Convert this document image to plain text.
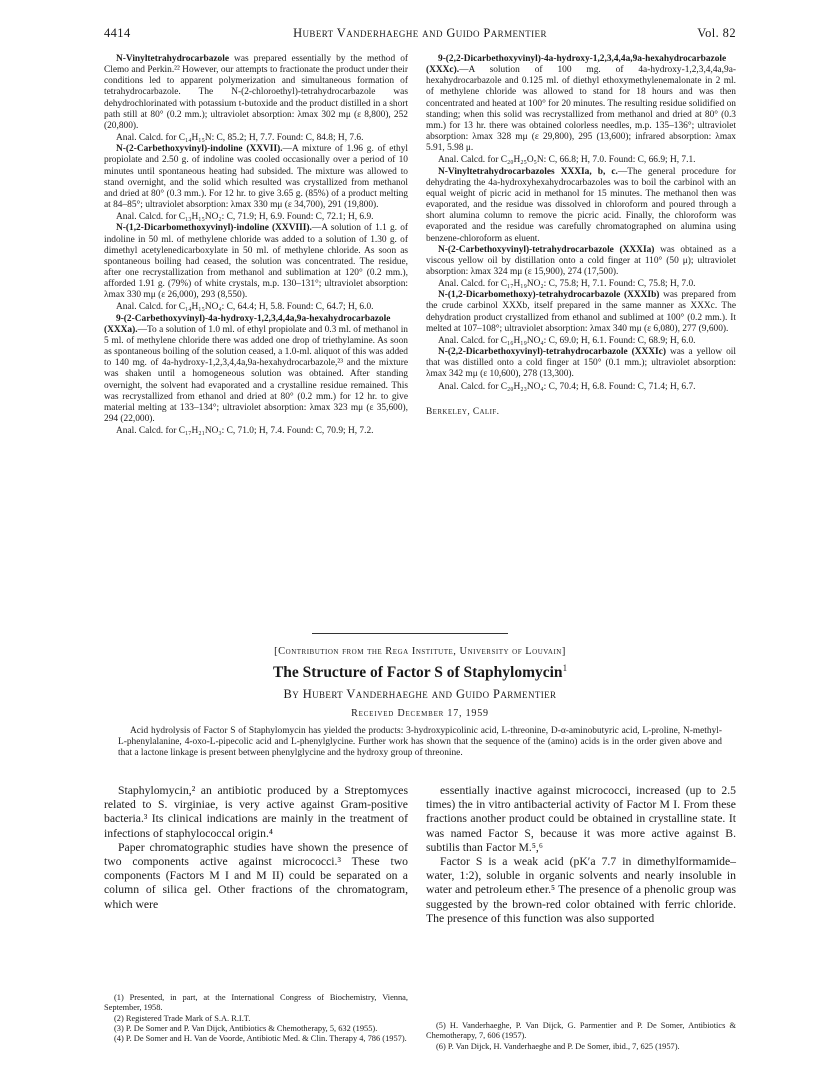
4414	Hubert Vanderhaeghe and Guido Parmentier	Vol. 82

N-Vinyltetrahydrocarbazole was prepared essentially by the method of Clemo and Perkin.²² However, our attempts to fractionate the product under their conditions led to apparent polymerization and simultaneous formation of tetrahydrocarbazole. The N-(2-chloroethyl)-tetrahydrocarbazole was dehydrochlorinated with potassium t-butoxide and the product distilled in a short path still at 80° (0.2 mm.); ultraviolet absorption: λmax 302 mμ (ε 8,800), 252 (20,800).

Anal. Calcd. for C₁₄H₁₅N: C, 85.2; H, 7.7. Found: C, 84.8; H, 7.6.

N-(2-Carbethoxyvinyl)-indoline (XXVII).—A mixture of 1.96 g. of ethyl propiolate and 2.50 g. of indoline was cooled occasionally over a period of 10 minutes until spontaneous heating had subsided. The mixture was allowed to stand overnight, and the solid which resulted was crystallized from methanol and dried at 80° (0.3 mm.). For 12 hr. to give 3.65 g. (85%) of a product melting at 84–85°; ultraviolet absorption: λmax 330 mμ (ε 34,700), 291 (19,800).

Anal. Calcd. for C₁₃H₁₅NO₂: C, 71.9; H, 6.9. Found: C, 72.1; H, 6.9.

N-(1,2-Dicarbomethoxyvinyl)-indoline (XXVIII).—A solution of 1.1 g. of indoline in 50 ml. of methylene chloride was added to a solution of 1.30 g. of dimethyl acetylenedicarboxylate in 50 ml. of methylene chloride. As soon as spontaneous boiling had ceased, the solution was concentrated. The residue, after one recrystallization from methanol and sublimation at 120° (0.2 mm.), afforded 1.91 g. (79%) of white crystals, m.p. 130–131°; ultraviolet absorption: λmax 330 mμ (ε 26,000), 293 (8,550).

Anal. Calcd. for C₁₄H₁₅NO₄: C, 64.4; H, 5.8. Found: C, 64.7; H, 6.0.

9-(2-Carbethoxyvinyl)-4a-hydroxy-1,2,3,4,4a,9a-hexahydrocarbazole (XXXa).—To a solution of 1.0 ml. of ethyl propiolate and 0.3 ml. of methanol in 5 ml. of methylene chloride there was added one drop of triethylamine. As soon as spontaneous boiling of the solution ceased, a 1.0-ml. aliquot of this was added to 140 mg. of 4a-hydroxy-1,2,3,4,4a,9a-hexahydrocarbazole,²³ and the mixture was shaken until a homogeneous solution was obtained. After standing overnight, the solvent had evaporated and a crystalline residue remained. This was recrystallized from ethanol and dried at 80° (0.2 mm.) for 12 hr. to give material melting at 133–134°; ultraviolet absorption: λmax 323 mμ (ε 35,600), 294 (22,000).

Anal. Calcd. for C₁₇H₂₁NO₃: C, 71.0; H, 7.4. Found: C, 70.9; H, 7.2.

9-(2,2-Dicarbethoxyvinyl)-4a-hydroxy-1,2,3,4,4a,9a-hexahydrocarbazole (XXXc).—A solution of 100 mg. of 4a-hydroxy-1,2,3,4,4a,9a-hexahydrocarbazole and 0.125 ml. of diethyl ethoxymethylenemalonate in 2 ml. of methylene chloride was allowed to stand for 18 hours and was then concentrated and heated at 100° for 20 minutes. The resulting residue solidified on standing; when this solid was recrystallized from methanol and dried at 80° (0.3 mm.) for 13 hr. there was obtained colorless needles, m.p. 135–136°; ultraviolet absorption: λmax 328 mμ (ε 29,800), 295 (13,600); infrared absorption: λmax 5.91, 5.98 μ.

Anal. Calcd. for C₂₀H₂₅O₅N: C, 66.8; H, 7.0. Found: C, 66.9; H, 7.1.

N-Vinyltetrahydrocarbazoles XXXIa, b, c.—The general procedure for dehydrating the 4a-hydroxyhexahydrocarbazoles was to boil the carbinol with an equal weight of picric acid in methanol for 15 minutes. The methanol then was evaporated, and the residue was dissolved in chloroform and poured through a short alumina column to remove the picric acid. Finally, the chloroform was evaporated and the residue was carefully chromatographed on alumina using benzene-chloroform as eluent.

N-(2-Carbethoxyvinyl)-tetrahydrocarbazole (XXXIa) was obtained as a viscous yellow oil by distillation onto a cold finger at 110° (50 μ); ultraviolet absorption: λmax 324 mμ (ε 15,900), 274 (17,500).

Anal. Calcd. for C₁₇H₁₉NO₂: C, 75.8; H, 7.1. Found: C, 75.8; H, 7.0.

N-(1,2-Dicarbomethoxy)-tetrahydrocarbazole (XXXIb) was prepared from the crude carbinol XXXb, itself prepared in the same manner as XXXc. The dehydration product crystallized from ethanol and sublimed at 100° (0.2 mm.). It melted at 107–108°; ultraviolet absorption: λmax 340 mμ (ε 6,080), 277 (9,600).

Anal. Calcd. for C₁₆H₁₉NO₄: C, 69.0; H, 6.1. Found: C, 68.9; H, 6.0.

N-(2,2-Dicarbethoxyvinyl)-tetrahydrocarbazole (XXXIc) was a yellow oil that was distilled onto a cold finger at 150° (0.1 mm.); ultraviolet absorption: λmax 342 mμ (ε 10,600), 278 (13,300).

Anal. Calcd. for C₂₀H₂₃NO₄: C, 70.4; H, 6.8. Found: C, 71.4; H, 6.7.

Berkeley, Calif.

[Contribution from the Rega Institute, University of Louvain]
The Structure of Factor S of Staphylomycin$^1$
By Hubert Vanderhaeghe and Guido Parmentier
Received December 17, 1959

Acid hydrolysis of Factor S of Staphylomycin has yielded the products: 3-hydroxypicolinic acid, L-threonine, D-α-aminobutyric acid, L-proline, N-methyl-L-phenylalanine, 4-oxo-L-pipecolic acid and L-phenylglycine. Further work has shown that the sequence of the (amino) acids is in the order given above and that a lactone linkage is present between phenylglycine and the hydroxy group of threonine.

Staphylomycin,² an antibiotic produced by a Streptomyces related to S. virginiae, is very active against Gram-positive bacteria.³ Its clinical indications are mainly in the treatment of infections of staphylococcal origin.⁴

Paper chromatographic studies have shown the presence of two components active against micrococci.³ These two components (Factors M I and M II) could be separated on a column of silica gel. Other fractions of the chromatogram, which were

essentially inactive against micrococci, increased (up to 2.5 times) the in vitro antibacterial activity of Factor M I. From these fractions another product could be obtained in crystalline state. It was named Factor S, because it was more active against B. subtilis than Factor M.⁵,⁶

Factor S is a weak acid (pK′a 7.7 in dimethylformamide–water, 1:2), soluble in organic solvents and nearly insoluble in water and petroleum ether.⁵ The presence of a phenolic group was suggested by the brown-red color obtained with ferric chloride. The presence of this function was also supported

(1) Presented, in part, at the International Congress of Biochemistry, Vienna, September, 1958.

(2) Registered Trade Mark of S.A. R.I.T.

(3) P. De Somer and P. Van Dijck, Antibiotics & Chemotherapy, 5, 632 (1955).

(4) P. De Somer and H. Van de Voorde, Antibiotic Med. & Clin. Therapy 4, 786 (1957).

(5) H. Vanderhaeghe, P. Van Dijck, G. Parmentier and P. De Somer, Antibiotics & Chemotherapy, 7, 606 (1957).

(6) P. Van Dijck, H. Vanderhaeghe and P. De Somer, ibid., 7, 625 (1957).
